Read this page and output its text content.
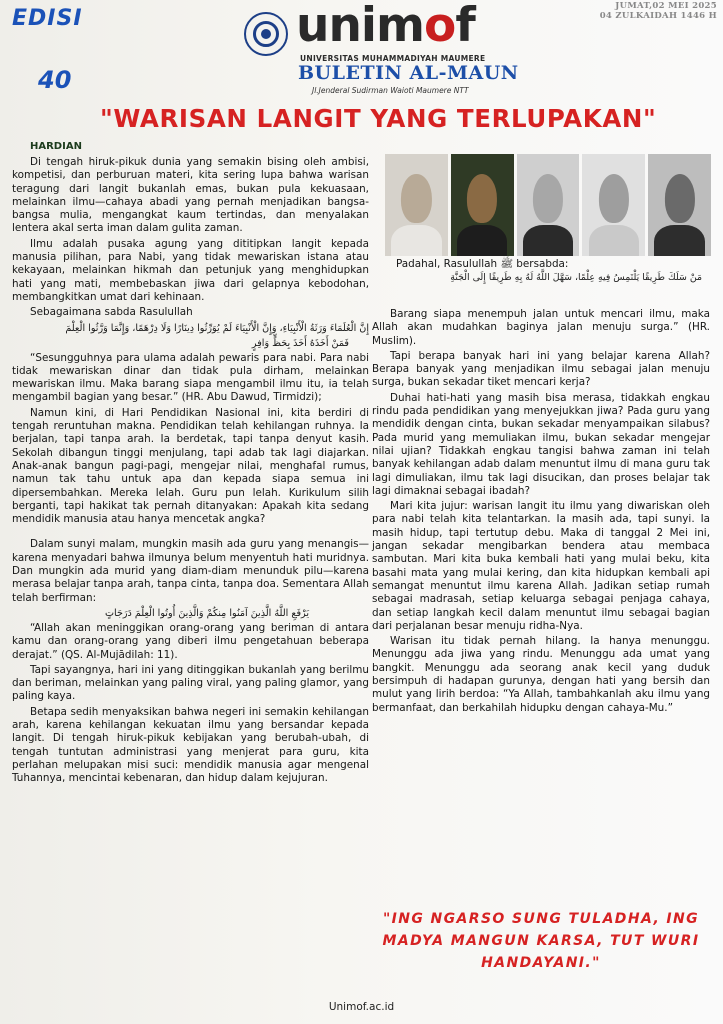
EDISI
40
unimof
UNIVERSITAS MUHAMMADIYAH MAUMERE
BULETIN AL-MAUN
Jl.Jenderal Sudirman Waioti Maumere NTT
JUMAT,02 MEI 2025
04 ZULKAIDAH 1446 H
"WARISAN LANGIT YANG TERLUPAKAN"
HARDIAN

Di tengah hiruk-pikuk dunia yang semakin bising oleh ambisi, kompetisi, dan perburuan materi, kita sering lupa bahwa warisan teragung dari langit bukanlah emas, bukan pula kekuasaan, melainkan ilmu—cahaya abadi yang pernah menjadikan bangsa-bangsa mulia, mengangkat kaum tertindas, dan menyalakan lentera akal serta iman dalam gulita zaman.

Ilmu adalah pusaka agung yang dititipkan langit kepada manusia pilihan, para Nabi, yang tidak mewariskan istana atau kekayaan, melainkan hikmah dan petunjuk yang menghidupkan hati yang mati, membebaskan jiwa dari gelapnya kebodohan, membangkitkan umat dari kehinaan.

Sebagaimana sabda Rasulullah

إِنَّ الْعُلَمَاءَ وَرَثَةُ الْأَنْبِيَاءِ، وَإِنَّ الْأَنْبِيَاءَ لَمْ يُوَرِّثُوا دِينَارًا وَلَا دِرْهَمًا، وَإِنَّمَا وَرَّثُوا الْعِلْمَ
فَمَنْ أَخَذَهُ أَخَذَ بِحَظٍّ وَافِرٍ

“Sesungguhnya para ulama adalah pewaris para nabi. Para nabi tidak mewariskan dinar dan tidak pula dirham, melainkan mewariskan ilmu. Maka barang siapa mengambil ilmu itu, ia telah mengambil bagian yang besar.” (HR. Abu Dawud, Tirmidzi);

Namun kini, di Hari Pendidikan Nasional ini, kita berdiri di tengah reruntuhan makna. Pendidikan telah kehilangan ruhnya. Ia berjalan, tapi tanpa arah. Ia berdetak, tapi tanpa denyut kasih. Sekolah dibangun tinggi menjulang, tapi adab tak lagi diajarkan. Anak-anak bangun pagi-pagi, mengejar nilai, menghafal rumus, namun tak tahu untuk apa dan kepada siapa semua ini dipersembahkan. Mereka lelah. Guru pun lelah. Kurikulum silih berganti, tapi hakikat tak pernah ditanyakan: Apakah kita sedang mendidik manusia atau hanya mencetak angka?

Dalam sunyi malam, mungkin masih ada guru yang menangis—karena menyadari bahwa ilmunya belum menyentuh hati muridnya. Dan mungkin ada murid yang diam-diam menunduk pilu—karena merasa belajar tanpa arah, tanpa cinta, tanpa doa. Sementara Allah telah berfirman:

يَرْفَعِ اللَّهُ الَّذِينَ آمَنُوا مِنكُمْ وَالَّذِينَ أُوتُوا الْعِلْمَ دَرَجَاتٍ

“Allah akan meninggikan orang-orang yang beriman di antara kamu dan orang-orang yang diberi ilmu pengetahuan beberapa derajat.” (QS. Al-Mujādilah: 11).

Tapi sayangnya, hari ini yang ditinggikan bukanlah yang berilmu dan beriman, melainkan yang paling viral, yang paling glamor, yang paling kaya.

Betapa sedih menyaksikan bahwa negeri ini semakin kehilangan arah, karena kehilangan kekuatan ilmu yang bersandar kepada langit. Di tengah hiruk-pikuk kebijakan yang berubah-ubah, di tengah tuntutan administrasi yang menjerat para guru, kita perlahan melupakan misi suci: mendidik manusia agar mengenal Tuhannya, mencintai kebenaran, dan hidup dalam kejujuran.

Padahal, Rasulullah ﷺ bersabda:
مَنْ سَلَكَ طَرِيقًا يَلْتَمِسُ فِيهِ عِلْمًا، سَهَّلَ اللَّهُ لَهُ بِهِ طَرِيقًا إِلَى الْجَنَّةِ

Barang siapa menempuh jalan untuk mencari ilmu, maka Allah akan mudahkan baginya jalan menuju surga.” (HR. Muslim).

Tapi berapa banyak hari ini yang belajar karena Allah? Berapa banyak yang menjadikan ilmu sebagai jalan menuju surga, bukan sekadar tiket mencari kerja?

Duhai hati-hati yang masih bisa merasa, tidakkah engkau rindu pada pendidikan yang menyejukkan jiwa? Pada guru yang mendidik dengan cinta, bukan sekadar menyampaikan silabus? Pada murid yang memuliakan ilmu, bukan sekadar mengejar nilai ujian? Tidakkah engkau tangisi bahwa zaman ini telah banyak kehilangan adab dalam menuntut ilmu di mana guru tak lagi dimuliakan, ilmu tak lagi disucikan, dan proses belajar tak lagi dimaknai sebagai ibadah?

Mari kita jujur: warisan langit itu ilmu yang diwariskan oleh para nabi telah kita telantarkan. Ia masih ada, tapi sunyi. Ia masih hidup, tapi tertutup debu. Maka di tanggal 2 Mei ini, jangan sekadar mengibarkan bendera atau membaca sambutan. Mari kita buka kembali hati yang mulai beku, kita basahi mata yang mulai kering, dan kita hidupkan kembali api semangat menuntut ilmu karena Allah. Jadikan setiap rumah sebagai madrasah, setiap keluarga sebagai penjaga cahaya, dan setiap langkah kecil dalam menuntut ilmu sebagai bagian dari perjalanan besar menuju ridha-Nya.

Warisan itu tidak pernah hilang. Ia hanya menunggu. Menunggu ada jiwa yang rindu. Menunggu ada umat yang bangkit. Menunggu ada seorang anak kecil yang duduk bersimpuh di hadapan gurunya, dengan hati yang bersih dan mulut yang lirih berdoa: “Ya Allah, tambahkanlah aku ilmu yang bermanfaat, dan berkahilah hidupku dengan cahaya-Mu.”

"ING NGARSO SUNG TULADHA, ING MADYA MANGUN KARSA, TUT WURI HANDAYANI."
Unimof.ac.id
